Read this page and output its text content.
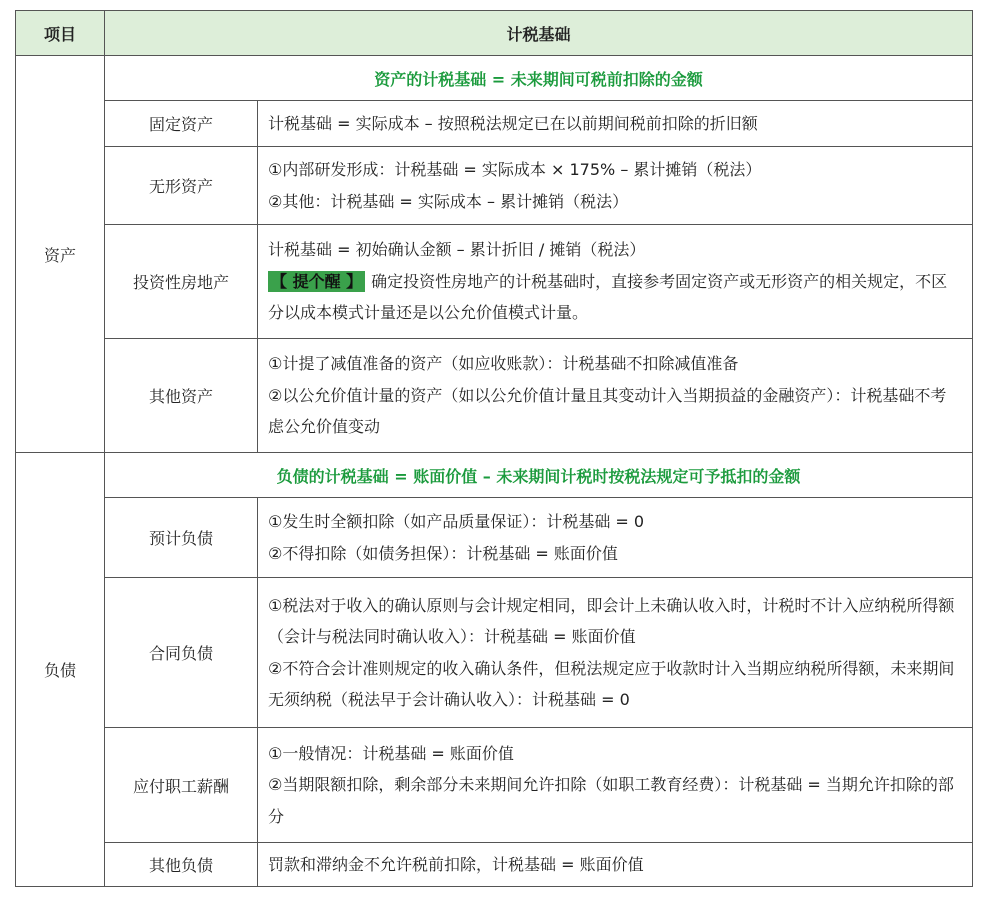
项目	计税基础	
资产	资产的计税基础 = 未来期间可税前扣除的金额	
	固定资产	计税基础 = 实际成本 – 按照税法规定已在以前期间税前扣除的折旧额

	无形资产	①内部研发形成：计税基础 = 实际成本 × 175% – 累计摊销（税法）
②其他：计税基础 = 实际成本 – 累计摊销（税法）

	投资性房地产	计税基础 = 初始确认金额 – 累计折旧 / 摊销（税法）
【 提个醒 】 确定投资性房地产的计税基础时，直接参考固定资产或无形资产的相关规定，不区分以成本模式计量还是以公允价值模式计量。

	其他资产	①计提了减值准备的资产（如应收账款）：计税基础不扣除减值准备
②以公允价值计量的资产（如以公允价值计量且其变动计入当期损益的金融资产）：计税基础不考虑公允价值变动

负债	负债的计税基础 = 账面价值 – 未来期间计税时按税法规定可予抵扣的金额	
	预计负债	①发生时全额扣除（如产品质量保证）：计税基础 = 0
②不得扣除（如债务担保）：计税基础 = 账面价值

	合同负债	①税法对于收入的确认原则与会计规定相同，即会计上未确认收入时，计税时不计入应纳税所得额（会计与税法同时确认收入）：计税基础 = 账面价值
②不符合会计准则规定的收入确认条件，但税法规定应于收款时计入当期应纳税所得额，未来期间无须纳税（税法早于会计确认收入）：计税基础 = 0

	应付职工薪酬	①一般情况：计税基础 = 账面价值
②当期限额扣除，剩余部分未来期间允许扣除（如职工教育经费）：计税基础 = 当期允许扣除的部分

	其他负债	罚款和滞纳金不允许税前扣除，计税基础 = 账面价值
